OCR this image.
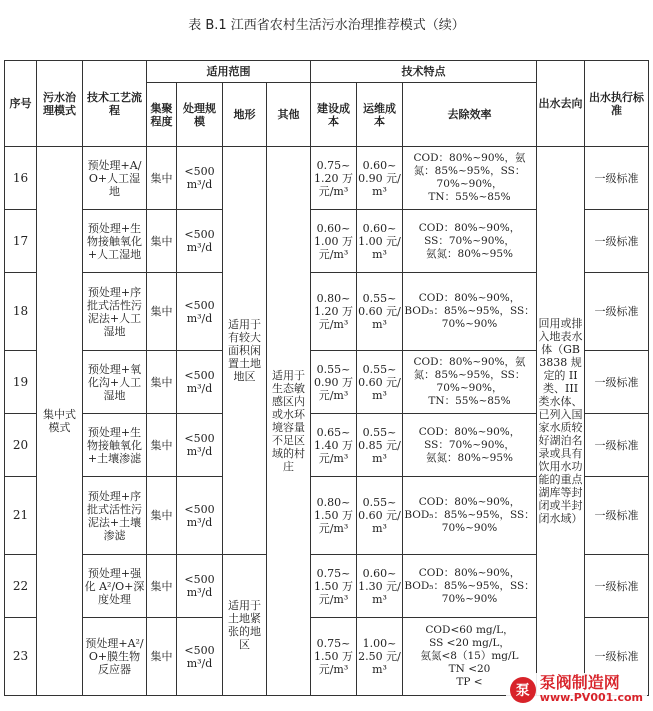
表 B.1 江西省农村生活污水治理推荐模式（续）
序号	污水治理模式	技术工艺流程	适用范围				技术特点			出水去向	出水执行标准
			集聚程度	处理规模	地形	其他	建设成本	运维成本	去除效率		
16	集中式模式	预处理+A/O+人工湿地	集中	<500 m³/d	适用于有较大面积闲置土地地区	适用于生态敏感区内或水环境容量不足区域的村庄	0.75~1.20 万元/m³	0.60~0.90 元/m³	COD：80%~90%，氨
氮：85%~95%，SS：
70%~90%，
TN：55%~85%	回用或排入地表水体（GB 3838 规定的 II 类、III 类水体、已列入国家水质较好湖泊名录或具有饮用水功能的重点湖库等封闭或半封闭水域）	一级标准
17		预处理+生物接触氧化+人工湿地	集中	<500 m³/d			0.60~1.00 万元/m³	0.60~1.00 元/m³	COD：80%~90%，
SS：70%~90%，
氨氮：80%~95%		一级标准
18		预处理+序批式活性污泥法+人工湿地	集中	<500 m³/d			0.80~1.20 万元/m³	0.55~0.60 元/m³	COD：80%~90%，
BOD₅：85%~95%，SS：
70%~90%		一级标准
19		预处理+氧化沟+人工湿地	集中	<500 m³/d			0.55~0.90 万元/m³	0.55~0.60 元/m³	COD：80%~90%，氨
氮：85%~95%，SS：
70%~90%，
TN：55%~85%		一级标准
20		预处理+生物接触氧化+土壤渗滤	集中	<500 m³/d			0.65~1.40 万元/m³	0.55~0.85 元/m³	COD：80%~90%，
SS：70%~90%，
氨氮：80%~95%		一级标准
21		预处理+序批式活性污泥法+土壤渗滤	集中	<500 m³/d			0.80~1.50 万元/m³	0.55~0.60 元/m³	COD：80%~90%，
BOD₅：85%~95%，SS：
70%~90%		一级标准
22		预处理+强化 A²/O+深度处理	集中	<500 m³/d	适用于土地紧张的地区		0.75~1.50 万元/m³	0.60~1.30 元/m³	COD：80%~90%，
BOD₅：85%~95%，SS：
70%~90%		一级标准
23		预处理+A²/O+膜生物反应器	集中	<500 m³/d			0.75~1.50 万元/m³	1.00~2.50 元/m³	COD<60 mg/L，
SS <20 mg/L，
氨氮<8（15）mg/L
TN <20
TP <		一级标准
泵 泵阀制造网
www.PV001.com
